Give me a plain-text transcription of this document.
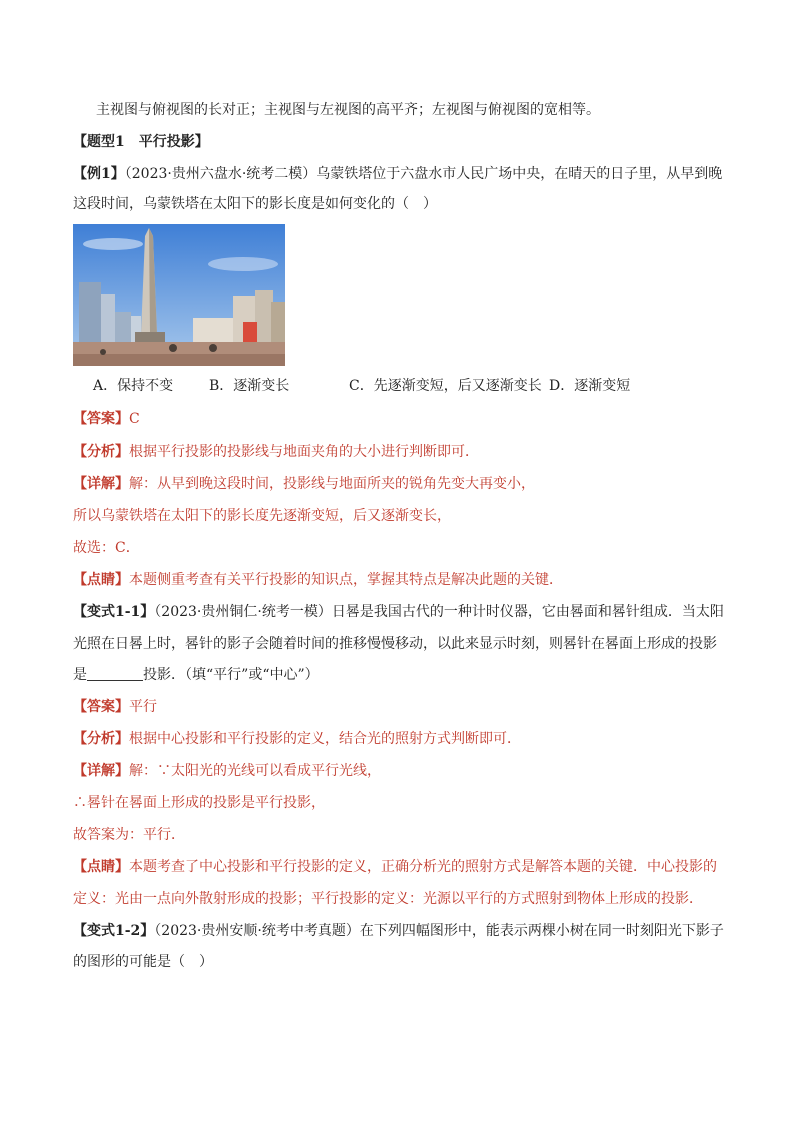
主视图与俯视图的长对正；主视图与左视图的高平齐；左视图与俯视图的宽相等。
【题型1　平行投影】
【例1】（2023·贵州六盘水·统考二模）乌蒙铁塔位于六盘水市人民广场中央，在晴天的日子里，从早到晚
这段时间，乌蒙铁塔在太阳下的影长度是如何变化的（　）
A．保持不变	B．逐渐变长	C．先逐渐变短，后又逐渐变长 D．逐渐变短
【答案】C
【分析】根据平行投影的投影线与地面夹角的大小进行判断即可．
【详解】解：从早到晚这段时间，投影线与地面所夹的锐角先变大再变小，
所以乌蒙铁塔在太阳下的影长度先逐渐变短，后又逐渐变长，
故选：C．
【点睛】本题侧重考查有关平行投影的知识点，掌握其特点是解决此题的关键．
【变式1-1】（2023·贵州铜仁·统考一模）日晷是我国古代的一种计时仪器，它由晷面和晷针组成．当太阳
光照在日晷上时，晷针的影子会随着时间的推移慢慢移动，以此来显示时刻，则晷针在晷面上形成的投影
是	投影．（填“平行”或“中心”）
【答案】平行
【分析】根据中心投影和平行投影的定义，结合光的照射方式判断即可．
【详解】解：∵太阳光的光线可以看成平行光线，
∴晷针在晷面上形成的投影是平行投影，
故答案为：平行．
【点睛】本题考查了中心投影和平行投影的定义，正确分析光的照射方式是解答本题的关键．中心投影的
定义：光由一点向外散射形成的投影；平行投影的定义：光源以平行的方式照射到物体上形成的投影．
【变式1-2】（2023·贵州安顺·统考中考真题）在下列四幅图形中，能表示两棵小树在同一时刻阳光下影子
的图形的可能是（　）
